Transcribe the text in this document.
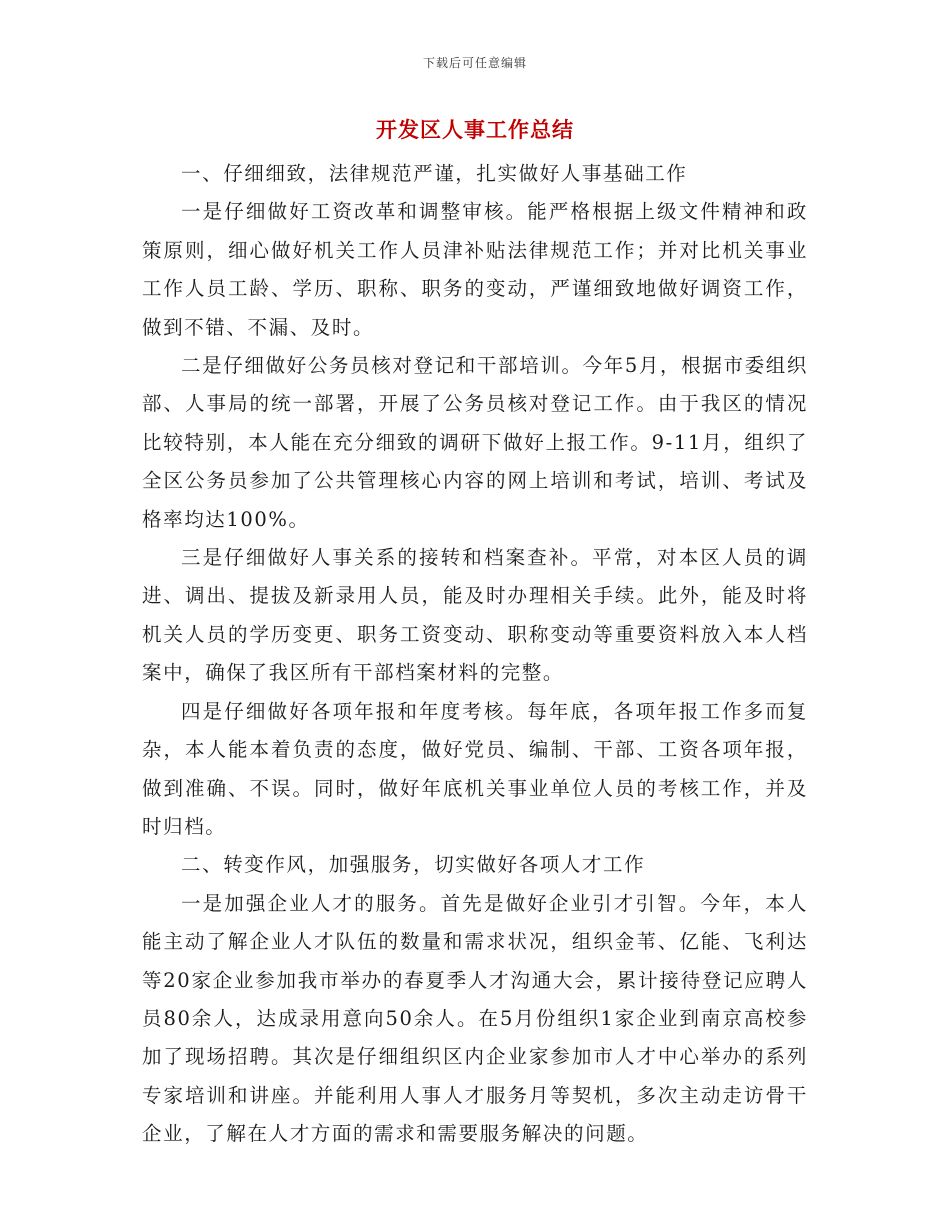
下载后可任意编辑
开发区人事工作总结

一、仔细细致，法律规范严谨，扎实做好人事基础工作

一是仔细做好工资改革和调整审核。能严格根据上级文件精神和政策原则，细心做好机关工作人员津补贴法律规范工作；并对比机关事业工作人员工龄、学历、职称、职务的变动，严谨细致地做好调资工作，做到不错、不漏、及时。

二是仔细做好公务员核对登记和干部培训。今年5月，根据市委组织部、人事局的统一部署，开展了公务员核对登记工作。由于我区的情况比较特别，本人能在充分细致的调研下做好上报工作。9-11月，组织了全区公务员参加了公共管理核心内容的网上培训和考试，培训、考试及格率均达100%。

三是仔细做好人事关系的接转和档案查补。平常，对本区人员的调进、调出、提拔及新录用人员，能及时办理相关手续。此外，能及时将机关人员的学历变更、职务工资变动、职称变动等重要资料放入本人档案中，确保了我区所有干部档案材料的完整。

四是仔细做好各项年报和年度考核。每年底，各项年报工作多而复杂，本人能本着负责的态度，做好党员、编制、干部、工资各项年报，做到准确、不误。同时，做好年底机关事业单位人员的考核工作，并及时归档。

二、转变作风，加强服务，切实做好各项人才工作

一是加强企业人才的服务。首先是做好企业引才引智。今年，本人能主动了解企业人才队伍的数量和需求状况，组织金苇、亿能、飞利达等20家企业参加我市举办的春夏季人才沟通大会，累计接待登记应聘人员80余人，达成录用意向50余人。在5月份组织1家企业到南京高校参加了现场招聘。其次是仔细组织区内企业家参加市人才中心举办的系列专家培训和讲座。并能利用人事人才服务月等契机，多次主动走访骨干企业，了解在人才方面的需求和需要服务解决的问题。
